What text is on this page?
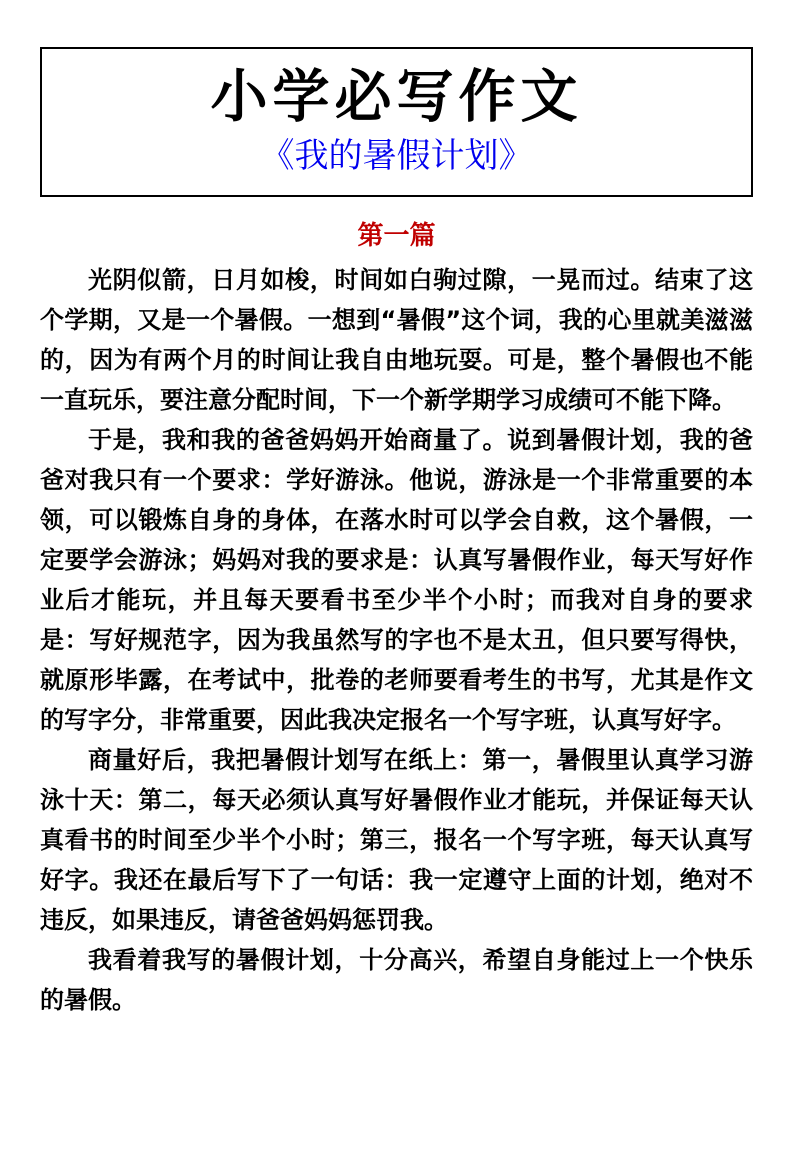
小学必写作文
《我的暑假计划》
第一篇

光阴似箭，日月如梭，时间如白驹过隙，一晃而过。结束了这个学期，又是一个暑假。一想到“暑假”这个词，我的心里就美滋滋的，因为有两个月的时间让我自由地玩耍。可是，整个暑假也不能一直玩乐，要注意分配时间，下一个新学期学习成绩可不能下降。

于是，我和我的爸爸妈妈开始商量了。说到暑假计划，我的爸爸对我只有一个要求：学好游泳。他说，游泳是一个非常重要的本领，可以锻炼自身的身体，在落水时可以学会自救，这个暑假，一定要学会游泳；妈妈对我的要求是：认真写暑假作业，每天写好作业后才能玩，并且每天要看书至少半个小时；而我对自身的要求是：写好规范字，因为我虽然写的字也不是太丑，但只要写得快，就原形毕露，在考试中，批卷的老师要看考生的书写，尤其是作文的写字分，非常重要，因此我决定报名一个写字班，认真写好字。

商量好后，我把暑假计划写在纸上：第一，暑假里认真学习游泳十天：第二，每天必须认真写好暑假作业才能玩，并保证每天认真看书的时间至少半个小时；第三，报名一个写字班，每天认真写好字。我还在最后写下了一句话：我一定遵守上面的计划，绝对不违反，如果违反，请爸爸妈妈惩罚我。

我看着我写的暑假计划，十分高兴，希望自身能过上一个快乐的暑假。
